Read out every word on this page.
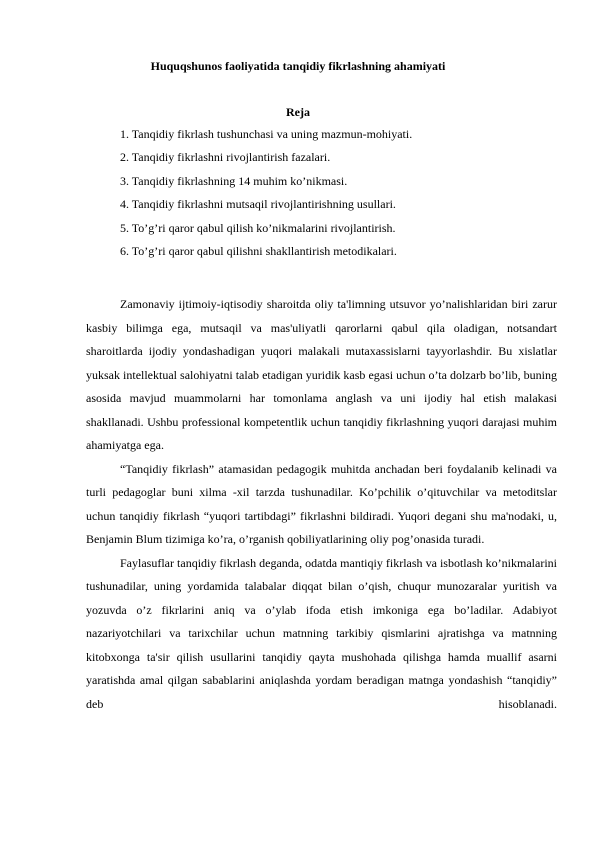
Huquqshunos faoliyatida tanqidiy fikrlashning ahamiyati
Reja
1. Tanqidiy fikrlash tushunchasi va uning mazmun-mohiyati.
2. Tanqidiy fikrlashni rivojlantirish fazalari.
3. Tanqidiy fikrlashning 14 muhim ko’nikmasi.
4. Tanqidiy fikrlashni mutsaqil rivojlantirishning usullari.
5. To’g’ri qaror qabul qilish ko’nikmalarini rivojlantirish.
6. To’g’ri qaror qabul qilishni shakllantirish metodikalari.

Zamonaviy ijtimoiy-iqtisodiy sharoitda oliy ta'limning utsuvor yo’nalishlaridan biri zarur kasbiy bilimga ega, mutsaqil va mas'uliyatli qarorlarni qabul qila oladigan, notsandart sharoitlarda ijodiy yondashadigan yuqori malakali mutaxassislarni tayyorlashdir. Bu xislatlar yuksak intellektual salohiyatni talab etadigan yuridik kasb egasi uchun o’ta dolzarb bo’lib, buning asosida mavjud muammolarni har tomonlama anglash va uni ijodiy hal etish malakasi shakllanadi. Ushbu professional kompetentlik uchun tanqidiy fikrlashning yuqori darajasi muhim ahamiyatga ega.

“Tanqidiy fikrlash” atamasidan pedagogik muhitda anchadan beri foydalanib kelinadi va turli pedagoglar buni xilma -xil tarzda tushunadilar. Ko’pchilik o’qituvchilar va metoditslar uchun tanqidiy fikrlash “yuqori tartibdagi” fikrlashni bildiradi. Yuqori degani shu ma'nodaki, u, Benjamin Blum tizimiga ko’ra, o’rganish qobiliyatlarining oliy pog’onasida turadi.

Faylasuflar tanqidiy fikrlash deganda, odatda mantiqiy fikrlash va isbotlash ko’nikmalarini tushunadilar, uning yordamida talabalar diqqat bilan o’qish, chuqur munozaralar yuritish va yozuvda o’z fikrlarini aniq va o’ylab ifoda etish imkoniga ega bo’ladilar. Adabiyot nazariyotchilari va tarixchilar uchun matnning tarkibiy qismlarini ajratishga va matnning kitobxonga ta'sir qilish usullarini tanqidiy qayta mushohada qilishga hamda muallif asarni yaratishda amal qilgan sabablarini aniqlashda yordam beradigan matnga yondashish “tanqidiy” deb hisoblanadi.
